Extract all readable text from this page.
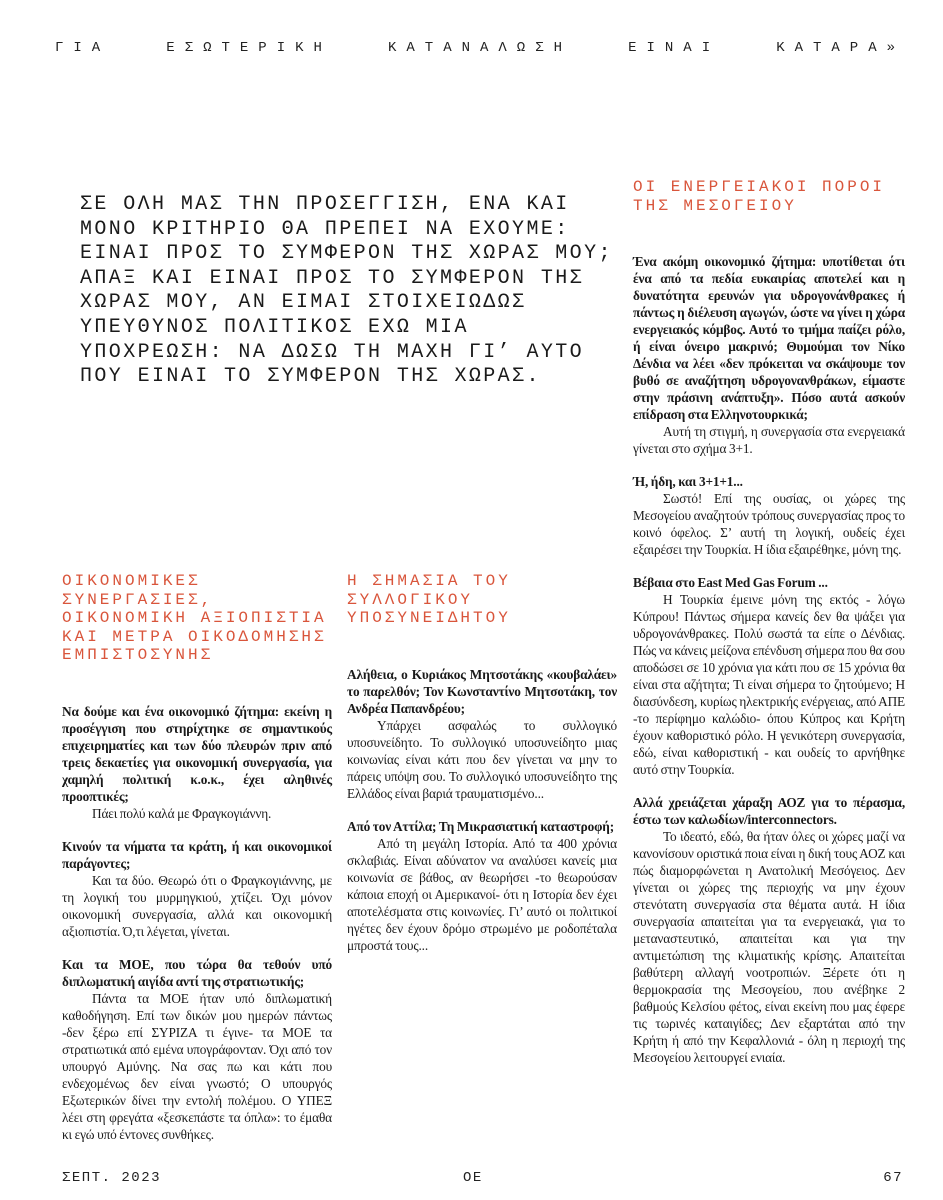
ΓΙΑ	ΕΣΩΤΕΡΙΚΗ	ΚΑΤΑΝΑΛΩΣΗ	ΕΙΝΑΙ	ΚΑΤΑΡΑ»
ΣΕ ΟΛΗ ΜΑΣ ΤΗΝ ΠΡΟΣΕΓΓΙΣΗ, ΕΝΑ ΚΑΙ ΜΟΝΟ ΚΡΙΤΗΡΙΟ ΘΑ ΠΡΕΠΕΙ ΝΑ ΕΧΟΥΜΕ: ΕΙΝΑΙ ΠΡΟΣ ΤΟ ΣΥΜΦΕΡΟΝ ΤΗΣ ΧΩΡΑΣ ΜΟΥ; ΑΠΑΞ ΚΑΙ ΕΙΝΑΙ ΠΡΟΣ ΤΟ ΣΥΜΦΕΡΟΝ ΤΗΣ ΧΩΡΑΣ ΜΟΥ, ΑΝ ΕΙΜΑΙ ΣΤΟΙΧΕΙΩΔΩΣ ΥΠΕΥΘΥΝΟΣ ΠΟΛΙΤΙΚΟΣ ΕΧΩ ΜΙΑ ΥΠΟΧΡΕΩΣΗ: ΝΑ ΔΩΣΩ ΤΗ ΜΑΧΗ ΓΙ’ ΑΥΤΟ ΠΟΥ ΕΙΝΑΙ ΤΟ ΣΥΜΦΕΡΟΝ ΤΗΣ ΧΩΡΑΣ.
ΟΙΚΟΝΟΜΙΚΕΣ ΣΥΝΕΡΓΑΣΙΕΣ, ΟΙΚΟΝΟΜΙΚΗ ΑΞΙΟΠΙΣΤΙΑ ΚΑΙ ΜΕΤΡΑ ΟΙΚΟΔΟΜΗΣΗΣ ΕΜΠΙΣΤΟΣΥΝΗΣ
Να δούμε και ένα οικονομικό ζήτημα: εκείνη η προσέγγιση που στηρίχτηκε σε σημαντικούς επιχειρηματίες και των δύο πλευρών πριν από τρεις δεκαετίες για οικονομική συνεργασία, για χαμηλή πολιτική κ.ο.κ., έχει αληθινές προοπτικές;
Πάει πολύ καλά με Φραγκογιάννη.
Κινούν τα νήματα τα κράτη, ή και οικονομικοί παράγοντες;
Και τα δύο. Θεωρώ ότι ο Φραγκογιάννης, με τη λογική του μυρμηγκιού, χτίζει. Όχι μόνον οικονομική συνεργασία, αλλά και οικονομική αξιοπιστία. Ό,τι λέγεται, γίνεται.
Και τα ΜΟΕ, που τώρα θα τεθούν υπό διπλωματική αιγίδα αντί της στρατιωτικής;
Πάντα τα ΜΟΕ ήταν υπό διπλωματική καθοδήγηση. Επί των δικών μου ημερών πάντως -δεν ξέρω επί ΣΥΡΙΖΑ τι έγινε- τα ΜΟΕ τα στρατιωτικά από εμένα υπογράφονταν. Όχι από τον υπουργό Αμύνης. Να σας πω και κάτι που ενδεχομένως δεν είναι γνωστό; Ο υπουργός Εξωτερικών δίνει την εντολή πολέμου. Ο ΥΠΕΞ λέει στη φρεγάτα «ξεσκεπάστε τα όπλα»: το έμαθα κι εγώ υπό έντονες συνθήκες.
Η ΣΗΜΑΣΙΑ ΤΟΥ ΣΥΛΛΟΓΙΚΟΥ ΥΠΟΣΥΝΕΙΔΗΤΟΥ
Αλήθεια, ο Κυριάκος Μητσοτάκης «κουβαλάει» το παρελθόν; Τον Κωνσταντίνο Μητσοτάκη, τον Ανδρέα Παπανδρέου;
Υπάρχει ασφαλώς το συλλογικό υποσυνείδητο. Το συλλογικό υποσυνείδητο μιας κοινωνίας είναι κάτι που δεν γίνεται να μην το πάρεις υπόψη σου. Το συλλογικό υποσυνείδητο της Ελλάδος είναι βαριά τραυματισμένο...
Από τον Αττίλα; Τη Μικρασιατική καταστροφή;
Από τη μεγάλη Ιστορία. Από τα 400 χρόνια σκλαβιάς. Είναι αδύνατον να αναλύσει κανείς μια κοινωνία σε βάθος, αν θεωρήσει -το θεωρούσαν κάποια εποχή οι Αμερικανοί- ότι η Ιστορία δεν έχει αποτελέσματα στις κοινωνίες. Γι’ αυτό οι πολιτικοί ηγέτες δεν έχουν δρόμο στρωμένο με ροδοπέταλα μπροστά τους...
ΟΙ ΕΝΕΡΓΕΙΑΚΟΙ ΠΟΡΟΙ ΤΗΣ ΜΕΣΟΓΕΙΟΥ
Ένα ακόμη οικονομικό ζήτημα: υποτίθεται ότι ένα από τα πεδία ευκαιρίας αποτελεί και η δυνατότητα ερευνών για υδρογονάνθρακες ή πάντως η διέλευση αγωγών, ώστε να γίνει η χώρα ενεργειακός κόμβος. Αυτό το τμήμα παίζει ρόλο, ή είναι όνειρο μακρινό; Θυμούμαι τον Νίκο Δένδια να λέει «δεν πρόκειται να σκάψουμε τον βυθό σε αναζήτηση υδρογονανθράκων, είμαστε στην πράσινη ανάπτυξη». Πόσο αυτά ασκούν επίδραση στα Ελληνοτουρκικά;
Αυτή τη στιγμή, η συνεργασία στα ενεργειακά γίνεται στο σχήμα 3+1.
Ή, ήδη, και 3+1+1...
Σωστό! Επί της ουσίας, οι χώρες της Μεσογείου αναζητούν τρόπους συνεργασίας προς το κοινό όφελος. Σ’ αυτή τη λογική, ουδείς έχει εξαιρέσει την Τουρκία. Η ίδια εξαιρέθηκε, μόνη της.
Βέβαια στο East Med Gas Forum ...
Η Τουρκία έμεινε μόνη της εκτός - λόγω Κύπρου! Πάντως σήμερα κανείς δεν θα ψάξει για υδρογονάνθρακες. Πολύ σωστά τα είπε ο Δένδιας. Πώς να κάνεις μείζονα επένδυση σήμερα που θα σου αποδώσει σε 10 χρόνια για κάτι που σε 15 χρόνια θα είναι στα αζήτητα; Τι είναι σήμερα το ζητούμενο; Η διασύνδεση, κυρίως ηλεκτρικής ενέργειας, από ΑΠΕ -το περίφημο καλώδιο- όπου Κύπρος και Κρήτη έχουν καθοριστικό ρόλο. Η γενικότερη συνεργασία, εδώ, είναι καθοριστική - και ουδείς το αρνήθηκε αυτό στην Τουρκία.
Αλλά χρειάζεται χάραξη ΑΟΖ για το πέρασμα, έστω των καλωδίων/interconnectors.
Το ιδεατό, εδώ, θα ήταν όλες οι χώρες μαζί να κανονίσουν οριστικά ποια είναι η δική τους ΑΟΖ και πώς διαμορφώνεται η Ανατολική Μεσόγειος. Δεν γίνεται οι χώρες της περιοχής να μην έχουν στενότατη συνεργασία στα θέματα αυτά. Η ίδια συνεργασία απαιτείται για τα ενεργειακά, για το μεταναστευτικό, απαιτείται και για την αντιμετώπιση της κλιματικής κρίσης. Απαιτείται βαθύτερη αλλαγή νοοτροπιών. Ξέρετε ότι η θερμοκρασία της Μεσογείου, που ανέβηκε 2 βαθμούς Κελσίου φέτος, είναι εκείνη που μας έφερε τις τωρινές καταιγίδες; Δεν εξαρτάται από την Κρήτη ή από την Κεφαλλονιά - όλη η περιοχή της Μεσογείου λειτουργεί ενιαία.
ΣΕΠΤ. 2023	ΟΕ	67
